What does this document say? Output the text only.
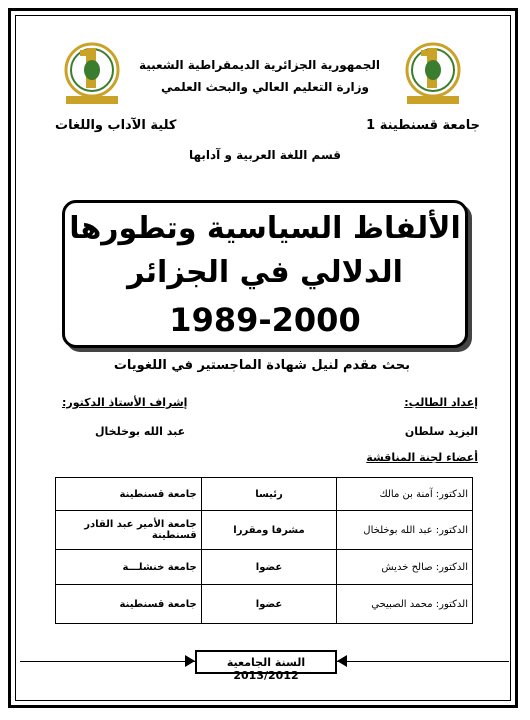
الجمهورية الجزائرية الديمقراطية الشعبية
وزارة التعليم العالي والبحث العلمي
جامعة قسنطينة 1
كلية الآداب واللغات
قسم اللغة العربية و آدابها
الألفاظ السياسية وتطورها
الدلالي في الجزائر
1989-2000
بحث مقدم لنيل شهادة الماجستير في اللغويات
إعداد الطالب:
إشراف الأستاذ الدكتور:
اليزيد سلطان
عبد الله بوخلخال
أعضاء لجنة المناقشة
الدكتور: آمنة بن مالك	رئيسا	جامعة قسنطينة
الدكتور: عبد الله بوخلخال	مشرفا ومقررا	جامعة الأمير عبد القادر قسنطينة
الدكتور: صالح خديش	عضوا	جامعة خنشلـــة
الدكتور: محمد الصبيحي	عضوا	جامعة قسنطينة
السنة الجامعية 2013/2012
